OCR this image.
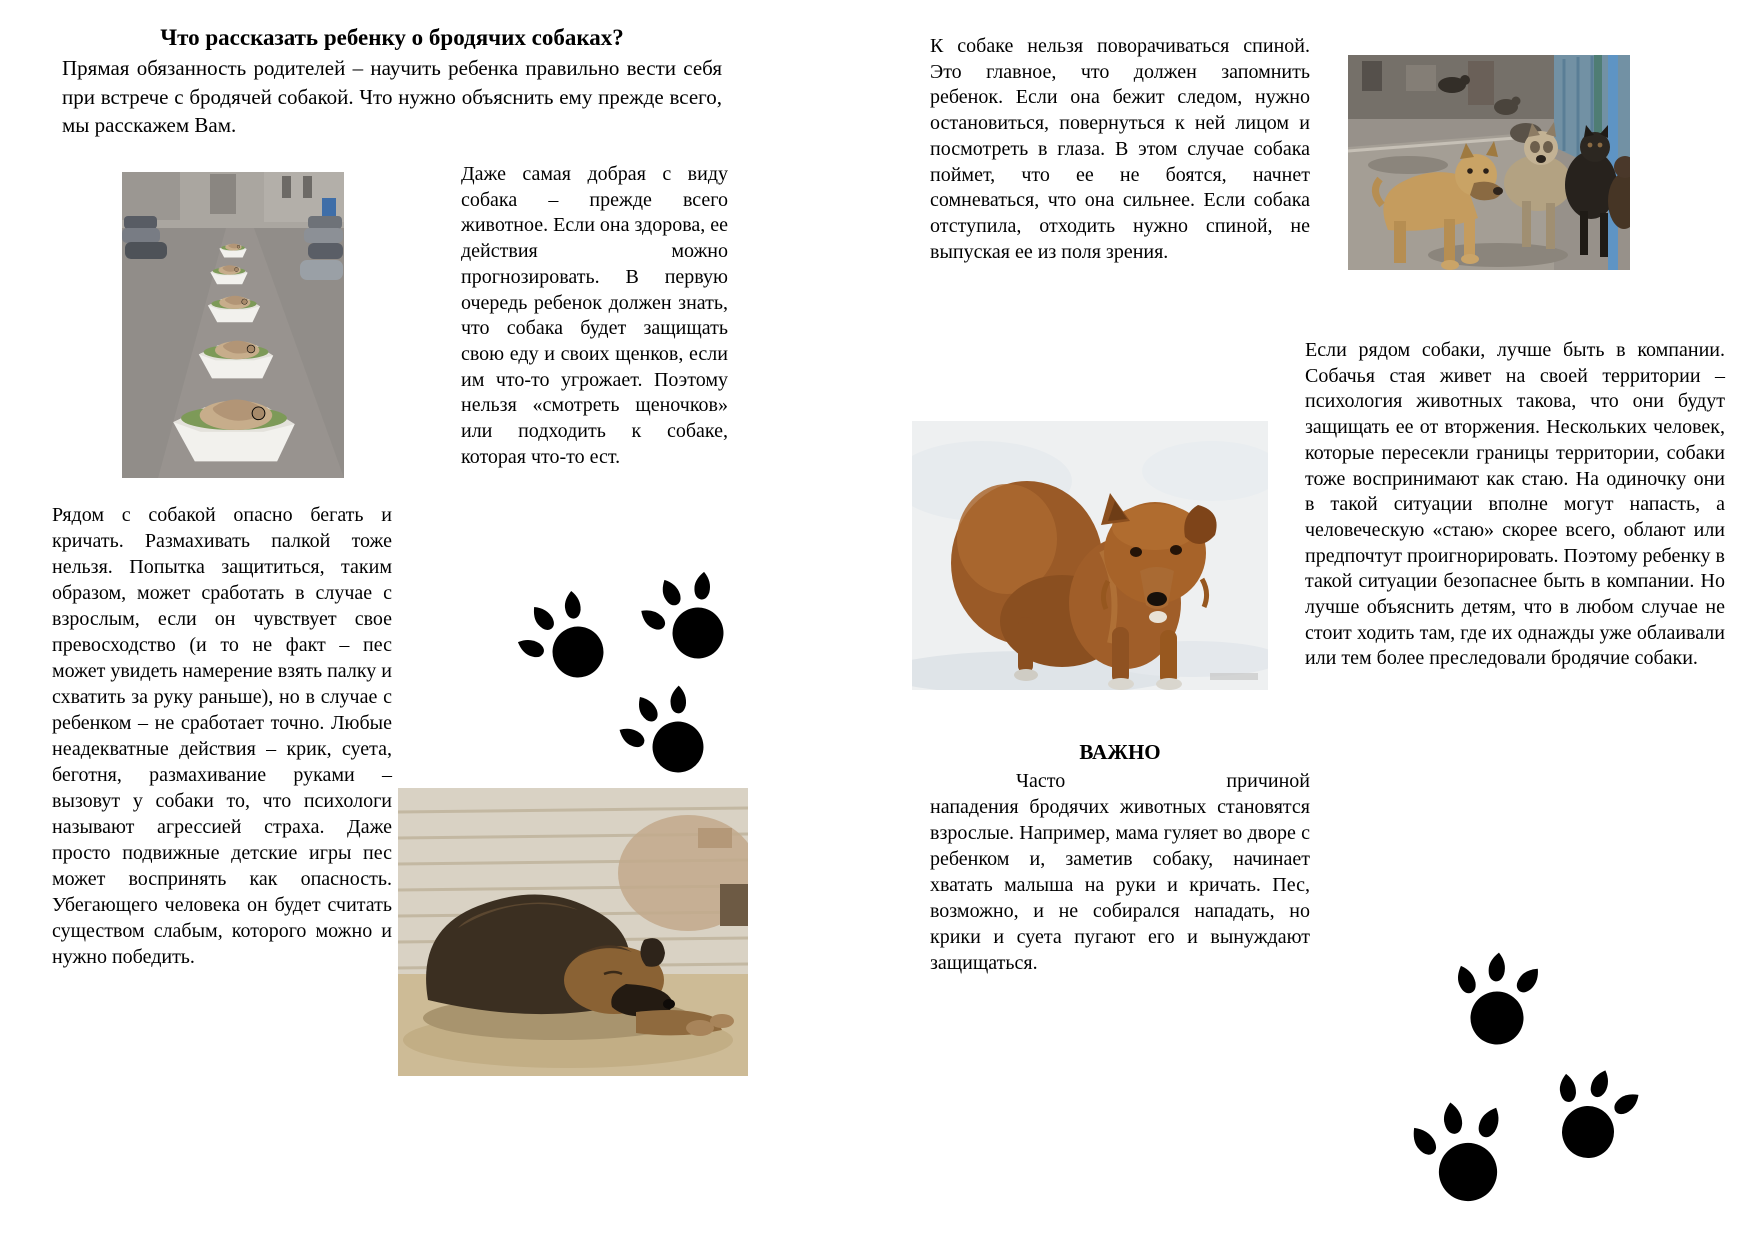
Что рассказать ребенку о бродячих собаках?
Прямая обязанность родителей – научить ребенка правильно вести себя при встрече с бродячей собакой. Что нужно объяснить ему прежде всего, мы расскажем Вам.
Даже самая добрая с виду собака – прежде всего животное. Если она здорова, ее действия можно прогнозировать. В первую очередь ребенок должен знать, что собака будет защищать свою еду и своих щенков, если им что-то угрожает. Поэтому нельзя «смотреть щеночков» или подходить к собаке, которая что-то ест.
Рядом с собакой опасно бегать и кричать. Размахивать палкой тоже нельзя. Попытка защититься, таким образом, может сработать в случае с взрослым, если он чувствует свое превосходство (и то не факт – пес может увидеть намерение взять палку и схватить за руку раньше), но в случае с ребенком – не сработает точно. Любые неадекватные действия – крик, суета, беготня, размахивание руками – вызовут у собаки то, что психологи называют агрессией страха. Даже просто подвижные детские игры пес может воспринять как опасность. Убегающего человека он будет считать существом слабым, которого можно и нужно победить.
К собаке нельзя поворачиваться спиной. Это главное, что должен запомнить ребенок. Если она бежит следом, нужно остановиться, повернуться к ней лицом и посмотреть в глаза. В этом случае собака поймет, что ее не боятся, начнет сомневаться, что она сильнее. Если собака отступила, отходить нужно спиной, не выпуская ее из поля зрения.
ВАЖНО
Часто	причиной
нападения бродячих животных становятся взрослые. Например, мама гуляет во дворе с ребенком и, заметив собаку, начинает хватать малыша на руки и кричать. Пес, возможно, и не собирался нападать, но крики и суета пугают его и вынуждают защищаться.
Если рядом собаки, лучше быть в компании. Собачья стая живет на своей территории – психология животных такова, что они будут защищать ее от вторжения. Нескольких человек, которые пересекли границы территории, собаки тоже воспринимают как стаю. На одиночку они в такой ситуации вполне могут напасть, а человеческую «стаю» скорее всего, облают или предпочтут проигнорировать. Поэтому ребенку в такой ситуации безопаснее быть в компании. Но лучше объяснить детям, что в любом случае не стоит ходить там, где их однажды уже облаивали или тем более преследовали бродячие собаки.
